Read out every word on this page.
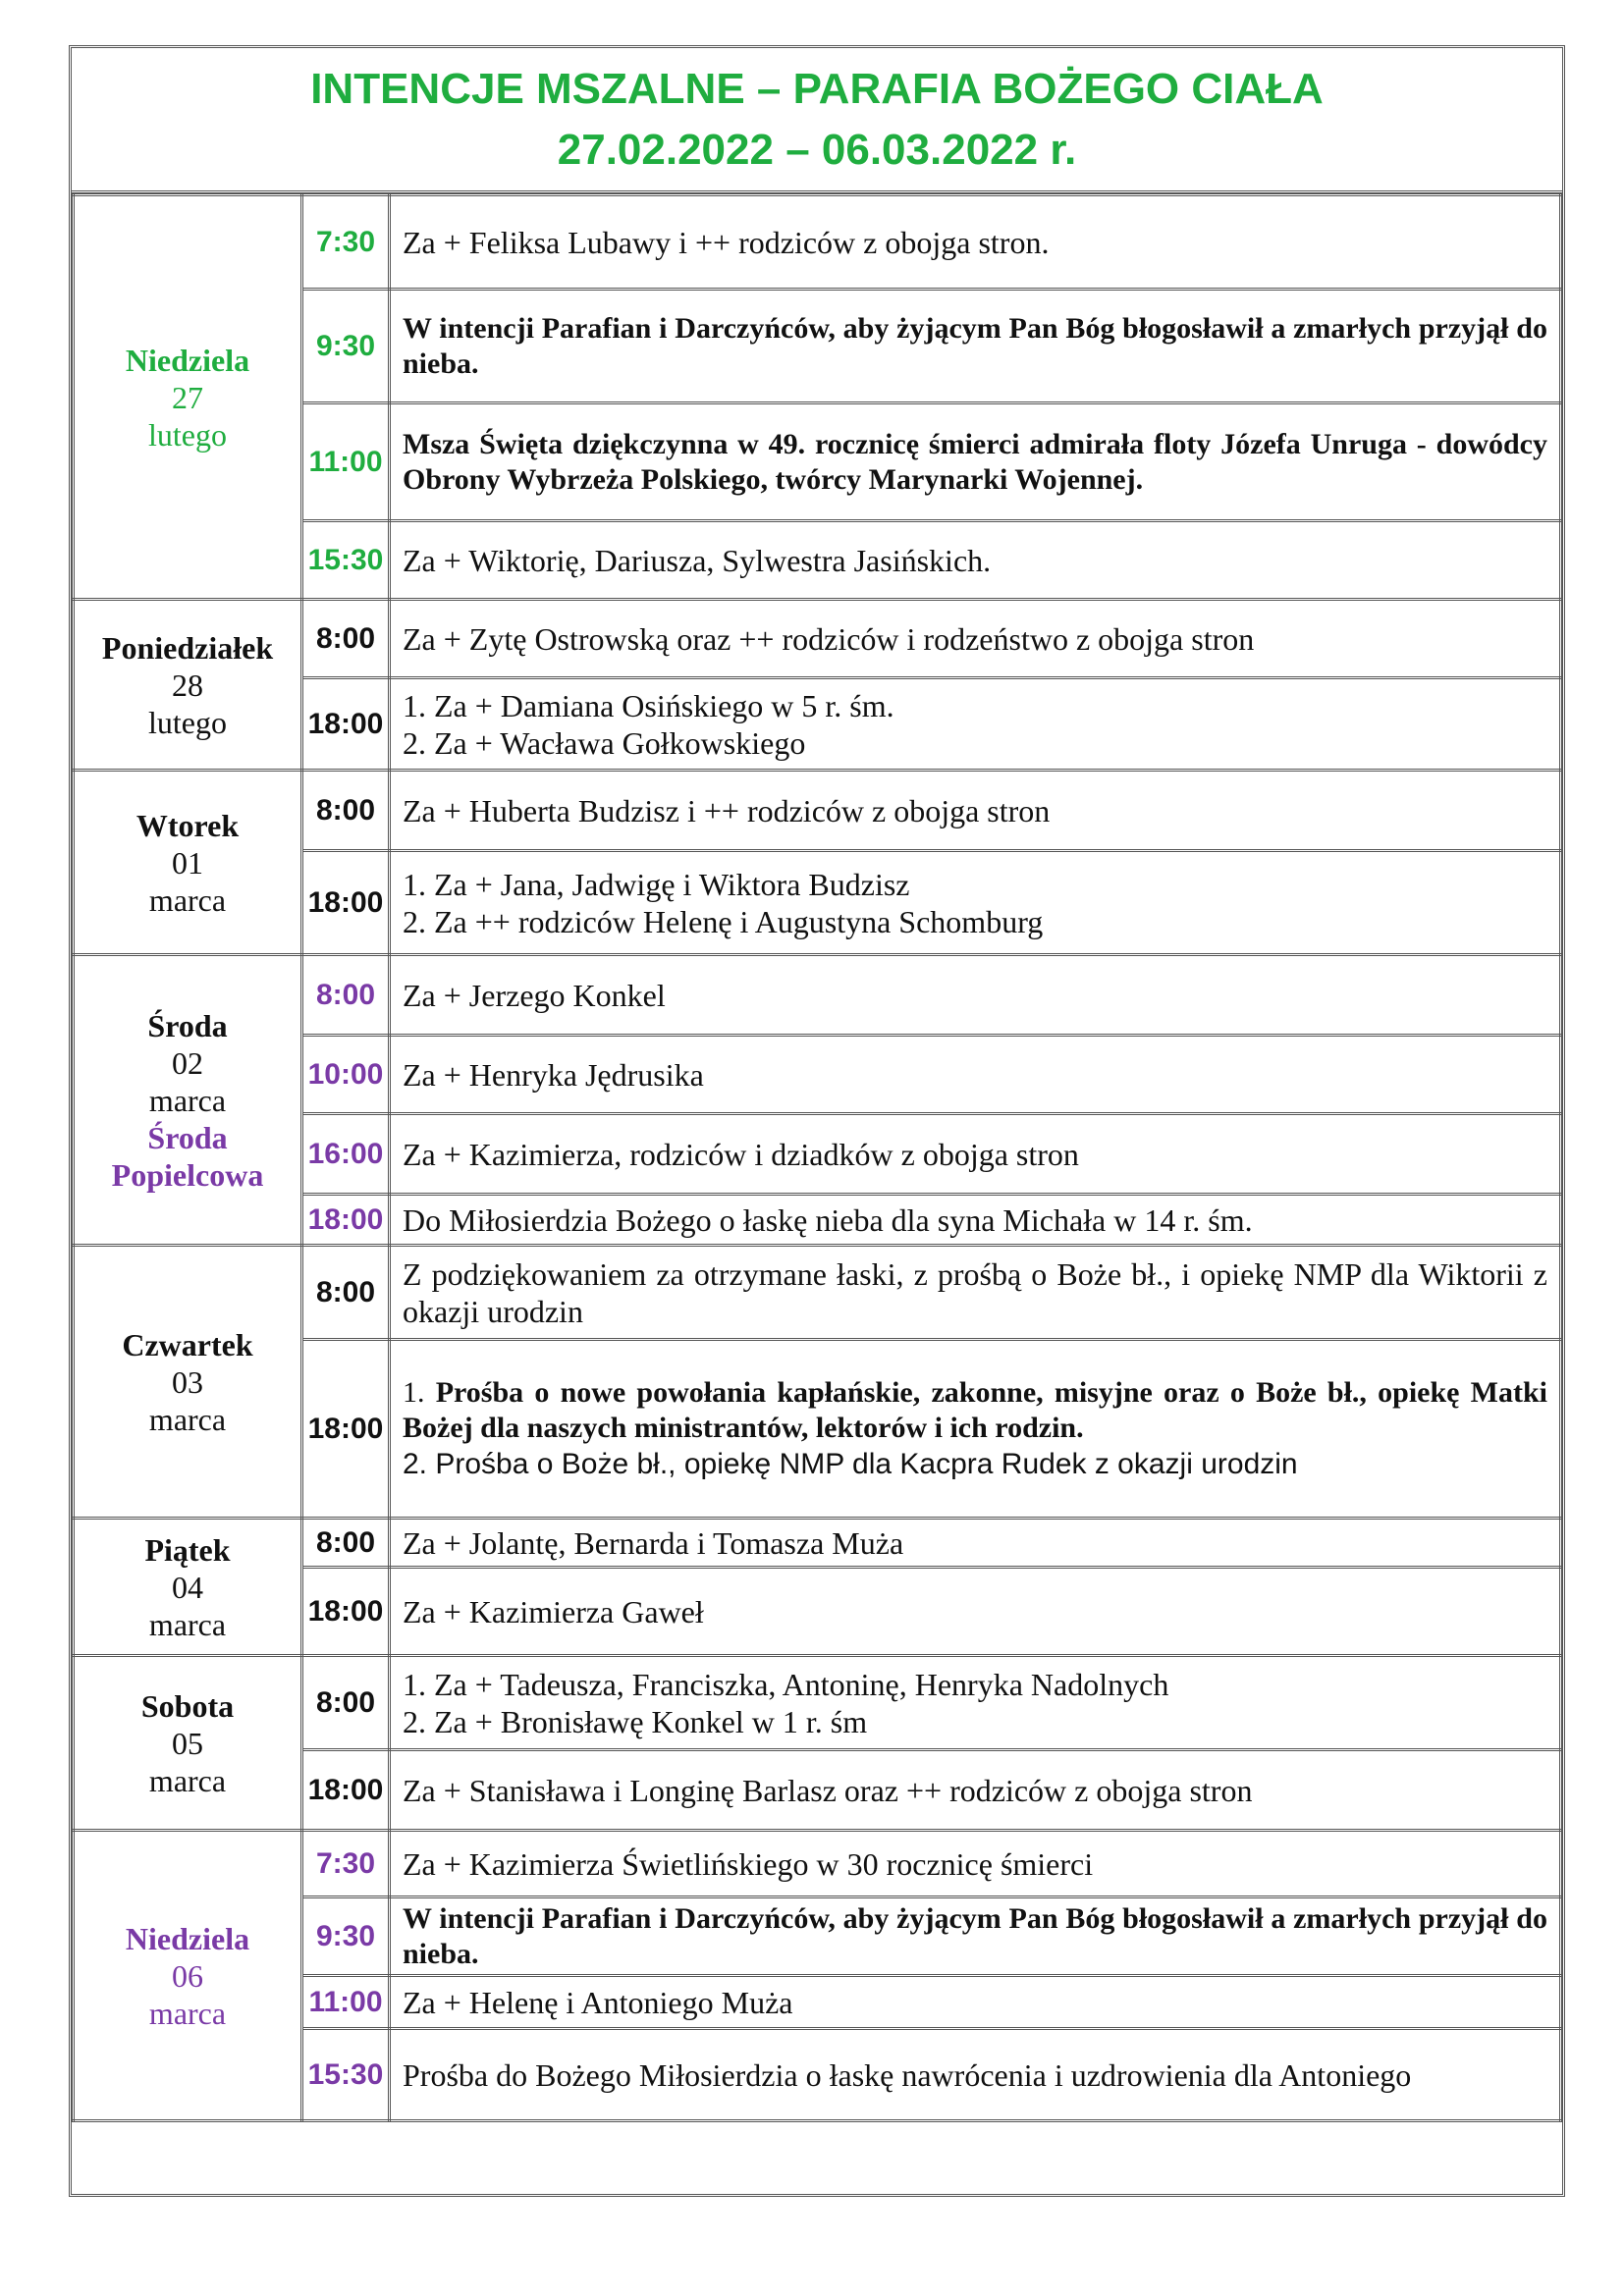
INTENCJE MSZALNE – PARAFIA BOŻEGO CIAŁA
27.02.2022 – 06.03.2022 r.
Niedziela
27
lutego	7:30	Za + Feliksa Lubawy i ++ rodziców z obojga stron.
	9:30	W intencji Parafian i Darczyńców, aby żyjącym Pan Bóg błogosławił a zmarłych przyjął do nieba.
	11:00	Msza Święta dziękczynna w 49. rocznicę śmierci admirała floty Józefa Unruga - dowódcy Obrony Wybrzeża Polskiego, twórcy Marynarki Wojennej.
	15:30	Za + Wiktorię, Dariusza, Sylwestra Jasińskich.

Poniedziałek
28
lutego	8:00	Za + Zytę Ostrowską oraz ++ rodziców i rodzeństwo z obojga stron
	18:00	1. Za + Damiana Osińskiego w 5 r. śm.
2. Za + Wacława Gołkowskiego

Wtorek
01
marca	8:00	Za + Huberta Budzisz i ++ rodziców z obojga stron
	18:00	1. Za + Jana, Jadwigę i Wiktora Budzisz
2. Za ++ rodziców Helenę i Augustyna Schomburg

Środa
02
marca
Środa
Popielcowa	8:00	Za + Jerzego Konkel
	10:00	Za + Henryka Jędrusika
	16:00	Za + Kazimierza, rodziców i dziadków z obojga stron
	18:00	Do Miłosierdzia Bożego o łaskę nieba dla syna Michała w 14 r. śm.

Czwartek
03
marca	8:00	Z podziękowaniem za otrzymane łaski, z prośbą o Boże bł., i opiekę NMP dla Wiktorii z okazji urodzin
	18:00	1. Prośba o nowe powołania kapłańskie, zakonne, misyjne oraz o Boże bł., opiekę Matki Bożej dla naszych ministrantów, lektorów i ich rodzin.
2. Prośba o Boże bł., opiekę NMP dla Kacpra Rudek z okazji urodzin

Piątek
04
marca	8:00	Za + Jolantę, Bernarda i Tomasza Muża
	18:00	Za + Kazimierza Gaweł

Sobota
05
marca	8:00	1. Za + Tadeusza, Franciszka, Antoninę, Henryka Nadolnych
2. Za + Bronisławę Konkel w 1 r. śm

	18:00	Za + Stanisława i Longinę Barlasz oraz ++ rodziców z obojga stron

Niedziela
06
marca	7:30	Za + Kazimierza Świetlińskiego w 30 rocznicę śmierci
	9:30	W intencji Parafian i Darczyńców, aby żyjącym Pan Bóg błogosławił a zmarłych przyjął do nieba.
	11:00	Za + Helenę i Antoniego Muża
	15:30	Prośba do Bożego Miłosierdzia o łaskę nawrócenia i uzdrowienia dla Antoniego
